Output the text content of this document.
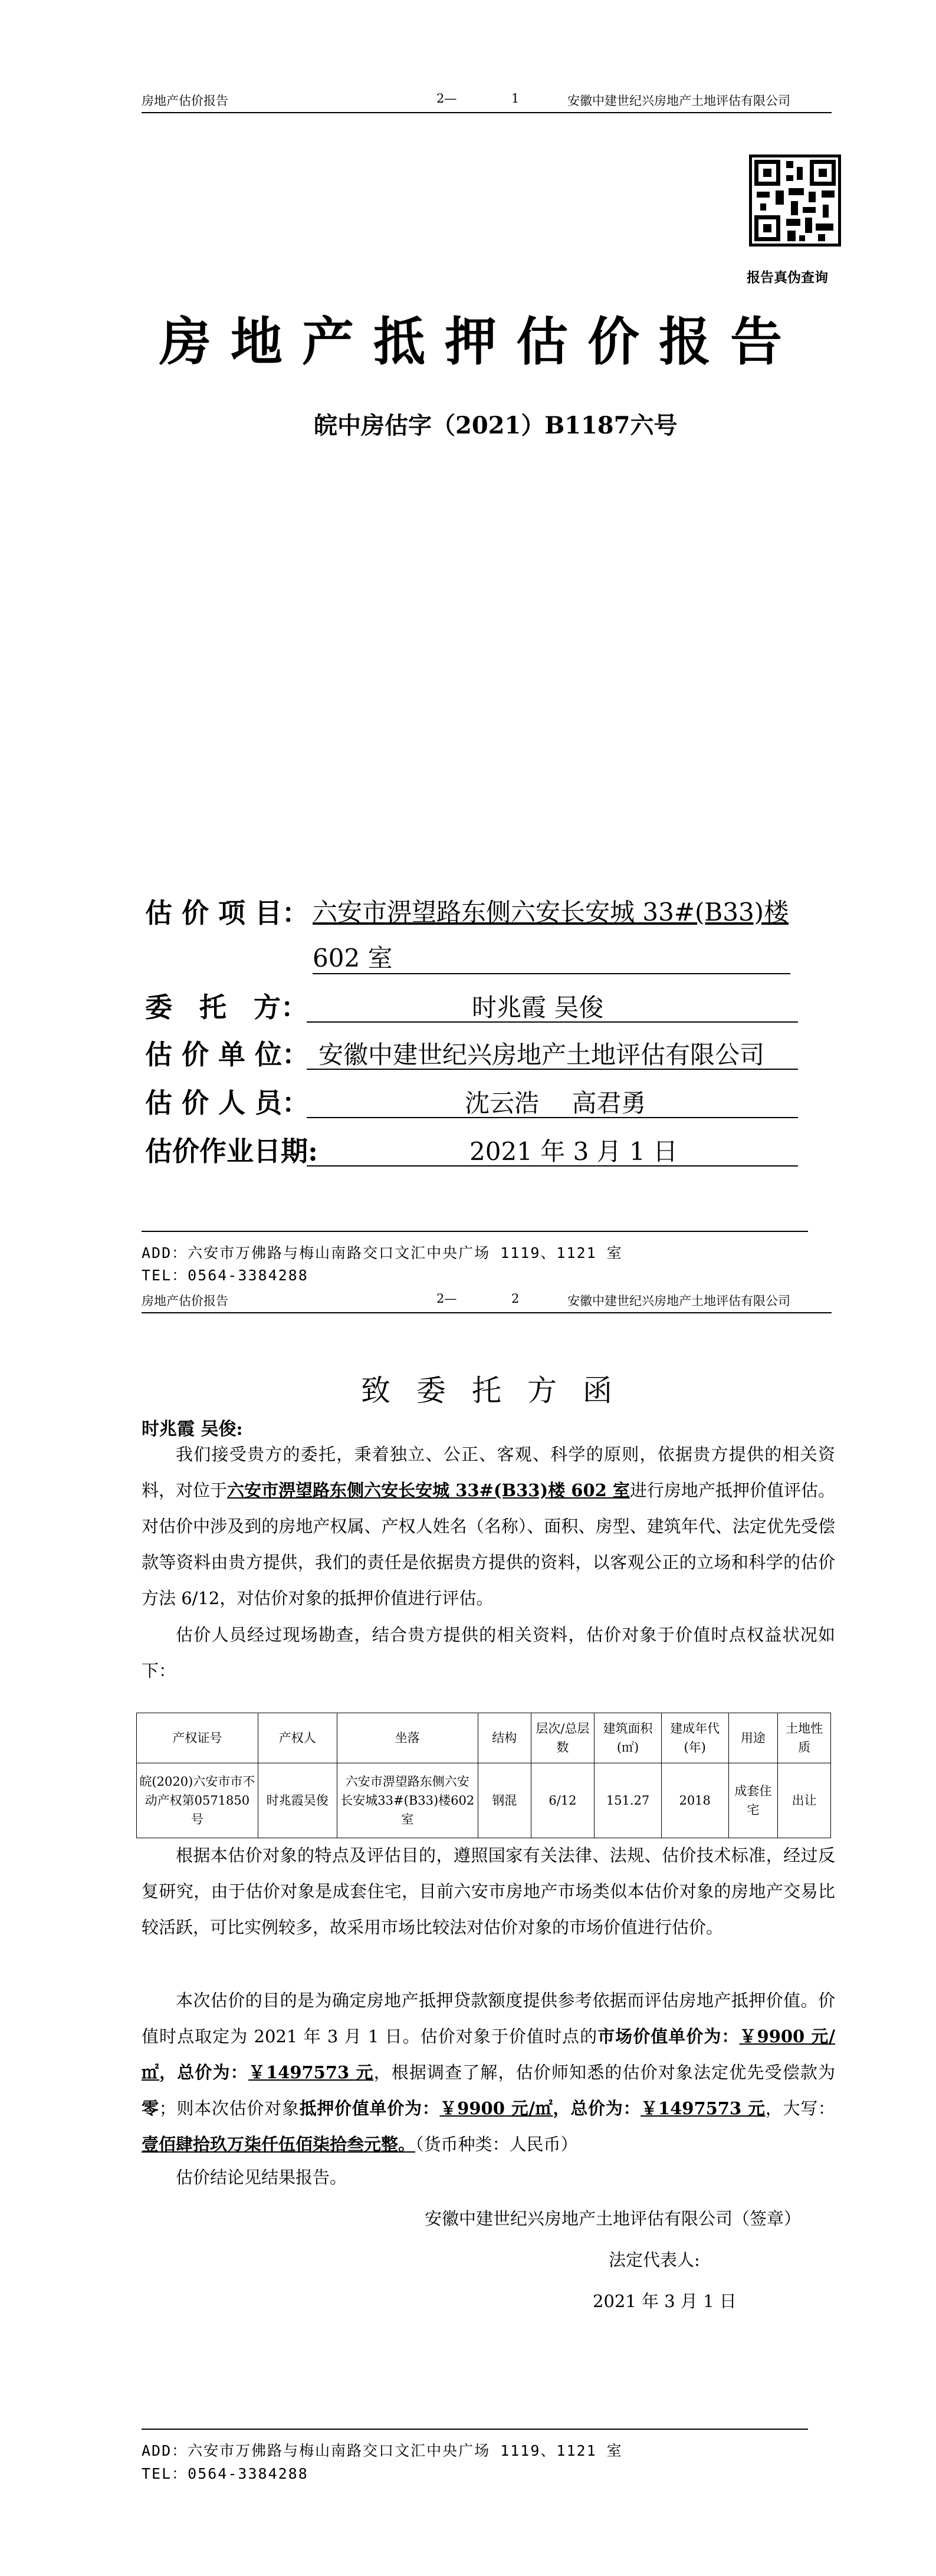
房地产估价报告	2—	1	安徽中建世纪兴房地产土地评估有限公司
报告真伪查询
房地产抵押估价报告
皖中房估字（2021）B1187六号
估 价 项 目： 六安市淠望路东侧六安长安城 33#(B33)楼
602 室
委　托　方：	时兆霞 吴俊
估 价 单 位： 安徽中建世纪兴房地产土地评估有限公司
估 价 人 员：	沈云浩　 高君勇
估价作业日期:	2021 年 3 月 1 日
ADD：六安市万佛路与梅山南路交口文汇中央广场 1119、1121 室
TEL：0564-3384288
房地产估价报告	2—	2	安徽中建世纪兴房地产土地评估有限公司
致委托方函
时兆霞 吴俊:
我们接受贵方的委托，秉着独立、公正、客观、科学的原则，依据贵方提供的相关资料，对位于六安市淠望路东侧六安长安城 33#(B33)楼 602 室进行房地产抵押价值评估。对估价中涉及到的房地产权属、产权人姓名（名称）、面积、房型、建筑年代、法定优先受偿款等资料由贵方提供，我们的责任是依据贵方提供的资料，以客观公正的立场和科学的估价方法 6/12，对估价对象的抵押价值进行评估。
估价人员经过现场勘查，结合贵方提供的相关资料，估价对象于价值时点权益状况如下：
产权证号	产权人	坐落	结构	层次/总层数	建筑面积(㎡)	建成年代(年)	用途	土地性质
皖(2020)六安市市不动产权第0571850号	时兆霞吴俊	六安市淠望路东侧六安长安城33#(B33)楼602室	钢混	6/12	151.27	2018	成套住宅	出让
根据本估价对象的特点及评估目的，遵照国家有关法律、法规、估价技术标准，经过反复研究，由于估价对象是成套住宅，目前六安市房地产市场类似本估价对象的房地产交易比较活跃，可比实例较多，故采用市场比较法对估价对象的市场价值进行估价。
本次估价的目的是为确定房地产抵押贷款额度提供参考依据而评估房地产抵押价值。价值时点取定为 2021 年 3 月 1 日。估价对象于价值时点的市场价值单价为：￥9900 元/㎡，总价为：￥1497573 元，根据调查了解，估价师知悉的估价对象法定优先受偿款为零；则本次估价对象抵押价值单价为：￥9900 元/㎡，总价为：￥1497573 元，大写：壹佰肆拾玖万柒仟伍佰柒拾叁元整。（货币种类：人民币）
估价结论见结果报告。
安徽中建世纪兴房地产土地评估有限公司（签章）
法定代表人:
2021 年 3 月 1 日
ADD：六安市万佛路与梅山南路交口文汇中央广场 1119、1121 室
TEL：0564-3384288
